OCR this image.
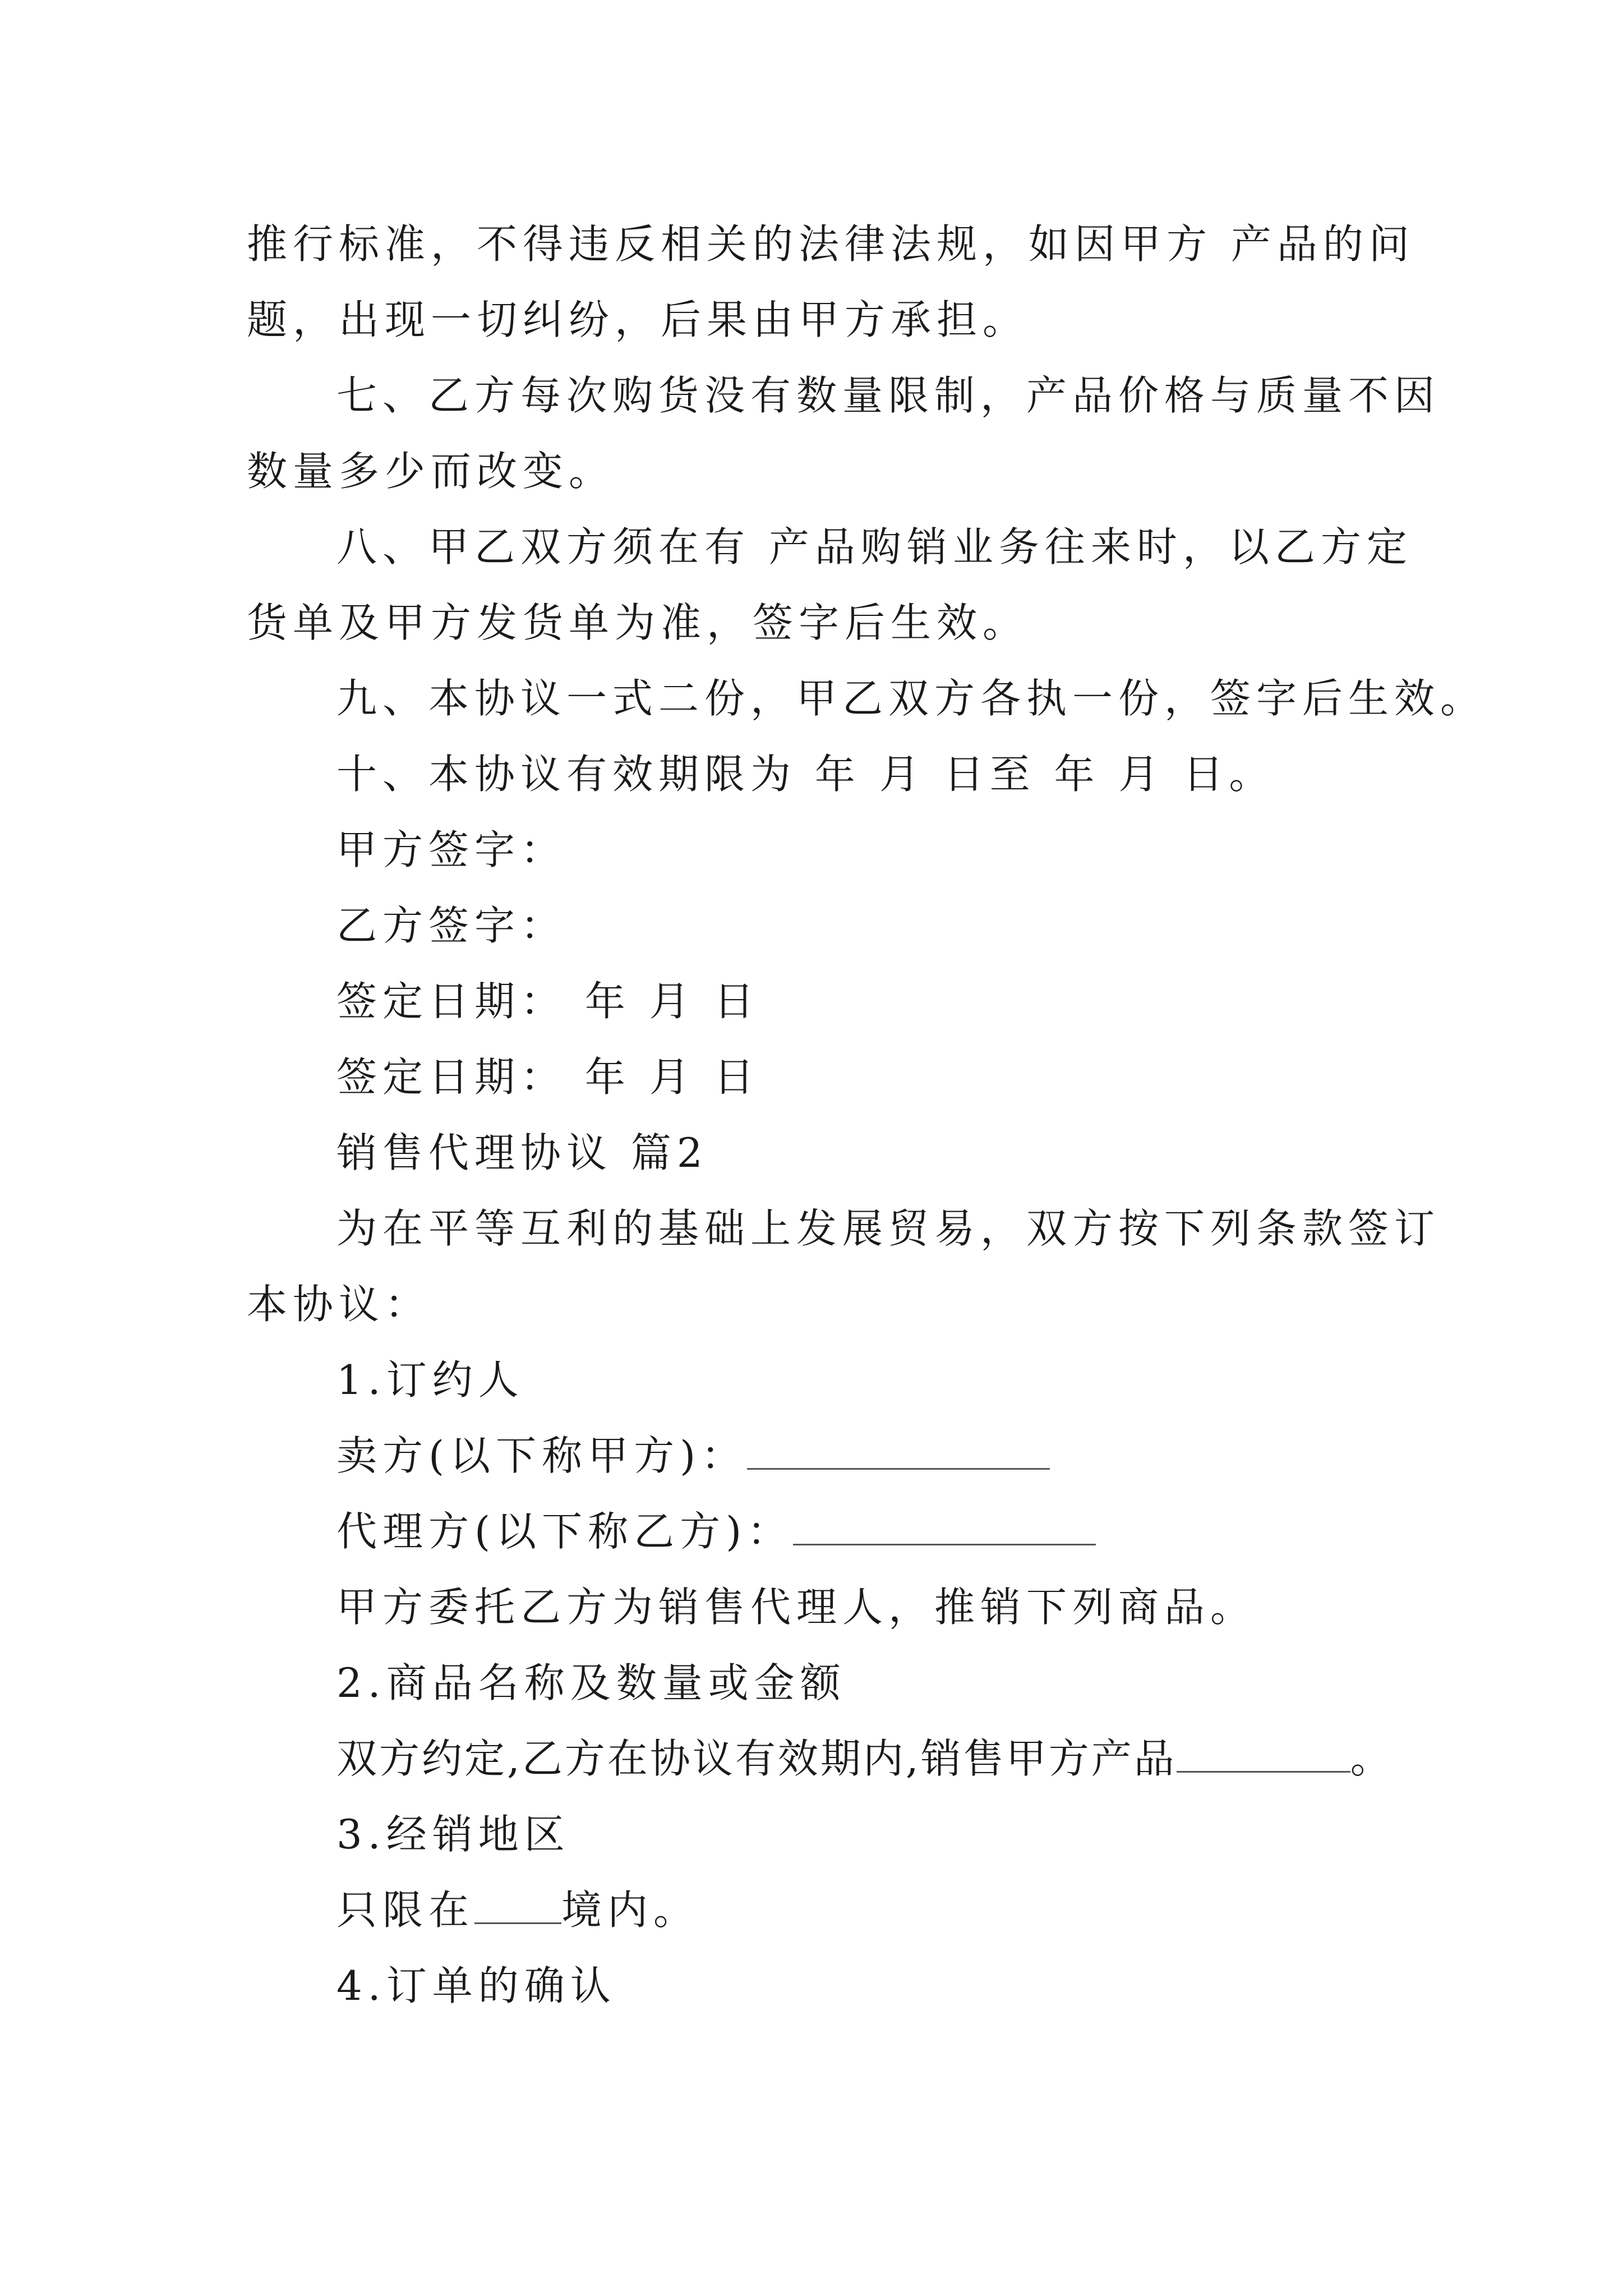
推行标准，不得违反相关的法律法规，如因甲方 产品的问
题，出现一切纠纷，后果由甲方承担。
七、乙方每次购货没有数量限制，产品价格与质量不因
数量多少而改变。
八、甲乙双方须在有 产品购销业务往来时，以乙方定
货单及甲方发货单为准，签字后生效。
九、本协议一式二份，甲乙双方各执一份，签字后生效。
十、本协议有效期限为 年 月 日至 年 月 日。
甲方签字：
乙方签字：
签定日期： 年 月 日
签定日期： 年 月 日
销售代理协议 篇2
为在平等互利的基础上发展贸易，双方按下列条款签订
本协议：
1.订约人
卖方(以下称甲方)：
代理方(以下称乙方)：
甲方委托乙方为销售代理人，推销下列商品。
2.商品名称及数量或金额
双方约定,乙方在协议有效期内,销售甲方产品	。
3.经销地区
只限在 境内。
4.订单的确认
